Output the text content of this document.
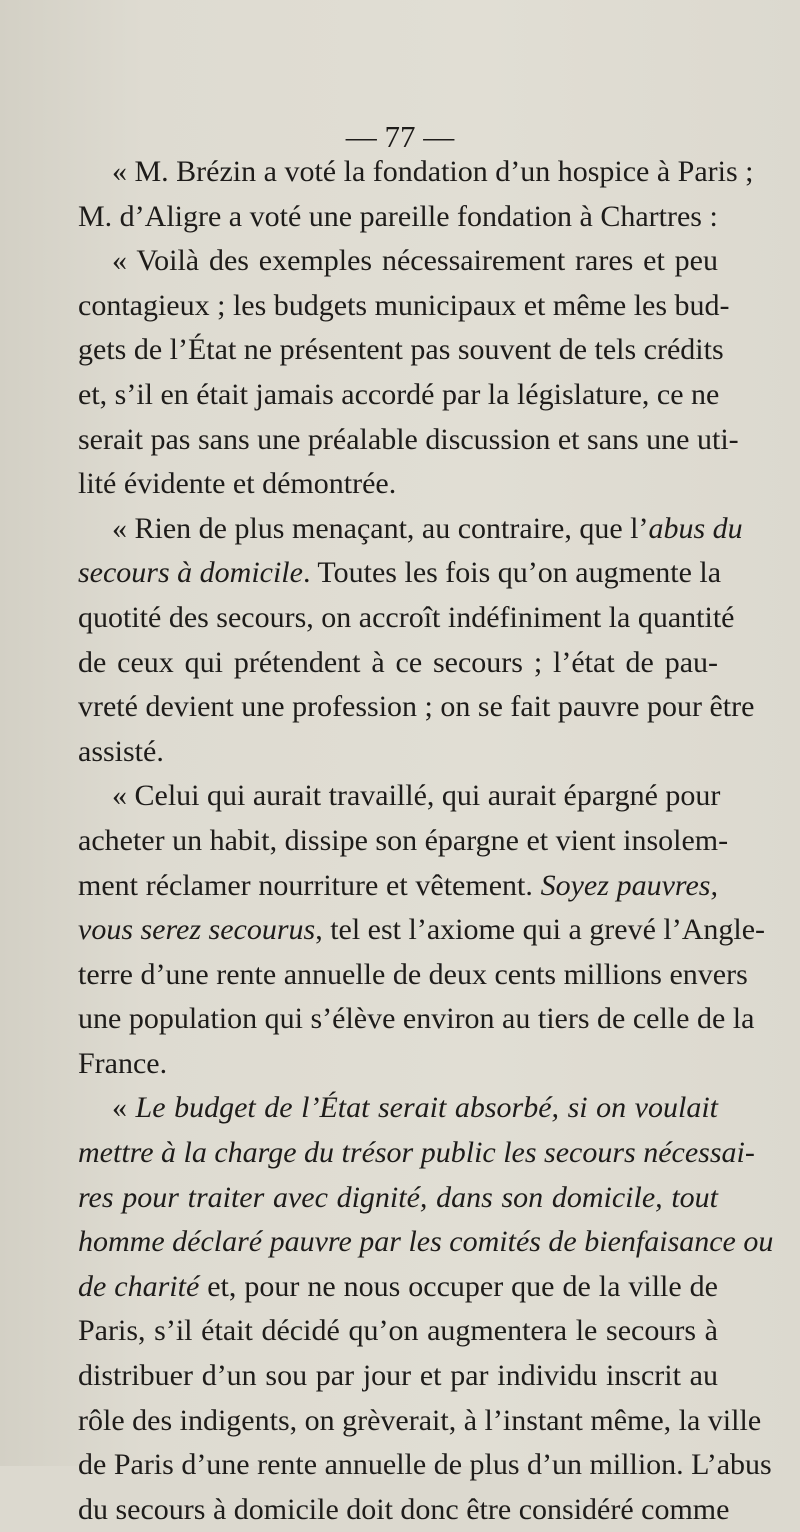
— 77 —
« M. Brézin a voté la fondation d’un hospice à Paris ;
M. d’Aligre a voté une pareille fondation à Chartres :
« Voilà des exemples nécessairement rares et peu
contagieux ; les budgets municipaux et même les bud-
gets de l’État ne présentent pas souvent de tels crédits
et, s’il en était jamais accordé par la législature, ce ne
serait pas sans une préalable discussion et sans une uti-
lité évidente et démontrée.
« Rien de plus menaçant, au contraire, que l’abus du
secours à domicile. Toutes les fois qu’on augmente la
quotité des secours, on accroît indéfiniment la quantité
de ceux qui prétendent à ce secours ; l’état de pau-
vreté devient une profession ; on se fait pauvre pour être
assisté.
« Celui qui aurait travaillé, qui aurait épargné pour
acheter un habit, dissipe son épargne et vient insolem-
ment réclamer nourriture et vêtement. Soyez pauvres,
vous serez secourus, tel est l’axiome qui a grevé l’Angle-
terre d’une rente annuelle de deux cents millions envers
une population qui s’élève environ au tiers de celle de la
France.
« Le budget de l’État serait absorbé, si on voulait
mettre à la charge du trésor public les secours nécessai-
res pour traiter avec dignité, dans son domicile, tout
homme déclaré pauvre par les comités de bienfaisance ou
de charité et, pour ne nous occuper que de la ville de
Paris, s’il était décidé qu’on augmentera le secours à
distribuer d’un sou par jour et par individu inscrit au
rôle des indigents, on grèverait, à l’instant même, la ville
de Paris d’une rente annuelle de plus d’un million. L’abus
du secours à domicile doit donc être considéré comme
